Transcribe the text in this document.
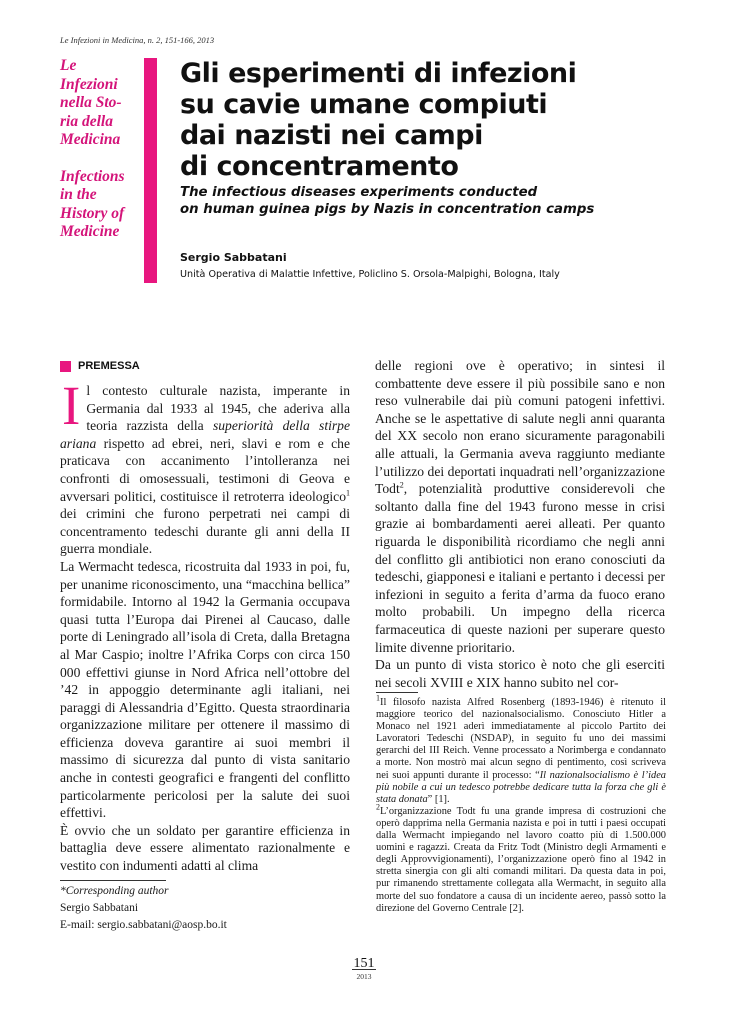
Le Infezioni in Medicina, n. 2, 151-166, 2013
Le
Infezioni
nella Sto-
ria della
Medicina
Infections
in the
History of
Medicine
Gli esperimenti di infezioni
su cavie umane compiuti
dai nazisti nei campi
di concentramento
The infectious diseases experiments conducted
on human guinea pigs by Nazis in concentration camps
Sergio Sabbatani
Unità Operativa di Malattie Infettive, Policlino S. Orsola-Malpighi, Bologna, Italy
PREMESSA

Il contesto culturale nazista, imperante in Germania dal 1933 al 1945, che aderiva alla teoria razzista della superiorità della stirpe ariana rispetto ad ebrei, neri, slavi e rom e che praticava con accanimento l’intolleranza nei confronti di omosessuali, testimoni di Geova e avversari politici, costituisce il retroterra ideologico$^1$ dei crimini che furono perpetrati nei campi di concentramento tedeschi durante gli anni della II guerra mondiale.

La Wermacht tedesca, ricostruita dal 1933 in poi, fu, per unanime riconoscimento, una “macchina bellica” formidabile. Intorno al 1942 la Germania occupava quasi tutta l’Europa dai Pirenei al Caucaso, dalle porte di Leningrado all’isola di Creta, dalla Bretagna al Mar Caspio; inoltre l’Afrika Corps con circa 150 000 effettivi giunse in Nord Africa nell’ottobre del ’42 in appoggio determinante agli italiani, nei paraggi di Alessandria d’Egitto. Questa straordinaria organizzazione militare per ottenere il massimo di efficienza doveva garantire ai suoi membri il massimo di sicurezza dal punto di vista sanitario anche in contesti geografici e frangenti del conflitto particolarmente pericolosi per la salute dei suoi effettivi.

È ovvio che un soldato per garantire efficienza in battaglia deve essere alimentato razionalmente e vestito con indumenti adatti al clima

delle regioni ove è operativo; in sintesi il combattente deve essere il più possibile sano e non reso vulnerabile dai più comuni patogeni infettivi. Anche se le aspettative di salute negli anni quaranta del XX secolo non erano sicuramente paragonabili alle attuali, la Germania aveva raggiunto mediante l’utilizzo dei deportati inquadrati nell’organizzazione Todt$^2$, potenzialità produttive considerevoli che soltanto dalla fine del 1943 furono messe in crisi grazie ai bombardamenti aerei alleati. Per quanto riguarda le disponibilità ricordiamo che negli anni del conflitto gli antibiotici non erano conosciuti da tedeschi, giapponesi e italiani e pertanto i decessi per infezioni in seguito a ferita d’arma da fuoco erano molto probabili. Un impegno della ricerca farmaceutica di queste nazioni per superare questo limite divenne prioritario.

Da un punto di vista storico è noto che gli eserciti nei secoli XVIII e XIX hanno subito nel cor-

$^1$Il filosofo nazista Alfred Rosenberg (1893-1946) è ritenuto il maggiore teorico del nazionalsocialismo. Conosciuto Hitler a Monaco nel 1921 aderì immediatamente al piccolo Partito dei Lavoratori Tedeschi (NSDAP), in seguito fu uno dei massimi gerarchi del III Reich. Venne processato a Norimberga e condannato a morte. Non mostrò mai alcun segno di pentimento, così scriveva nei suoi appunti durante il processo: “Il nazionalsocialismo è l’idea più nobile a cui un tedesco potrebbe dedicare tutta la forza che gli è stata donata” [1].

$^2$L’organizzazione Todt fu una grande impresa di costruzioni che operò dapprima nella Germania nazista e poi in tutti i paesi occupati dalla Wermacht impiegando nel lavoro coatto più di 1.500.000 uomini e ragazzi. Creata da Fritz Todt (Ministro degli Armamenti e degli Approvvigionamenti), l’organizzazione operò fino al 1942 in stretta sinergia con gli alti comandi militari. Da questa data in poi, pur rimanendo strettamente collegata alla Wermacht, in seguito alla morte del suo fondatore a causa di un incidente aereo, passò sotto la direzione del Governo Centrale [2].

*Corresponding author
Sergio Sabbatani
E-mail: sergio.sabbatani@aosp.bo.it
151
2013
